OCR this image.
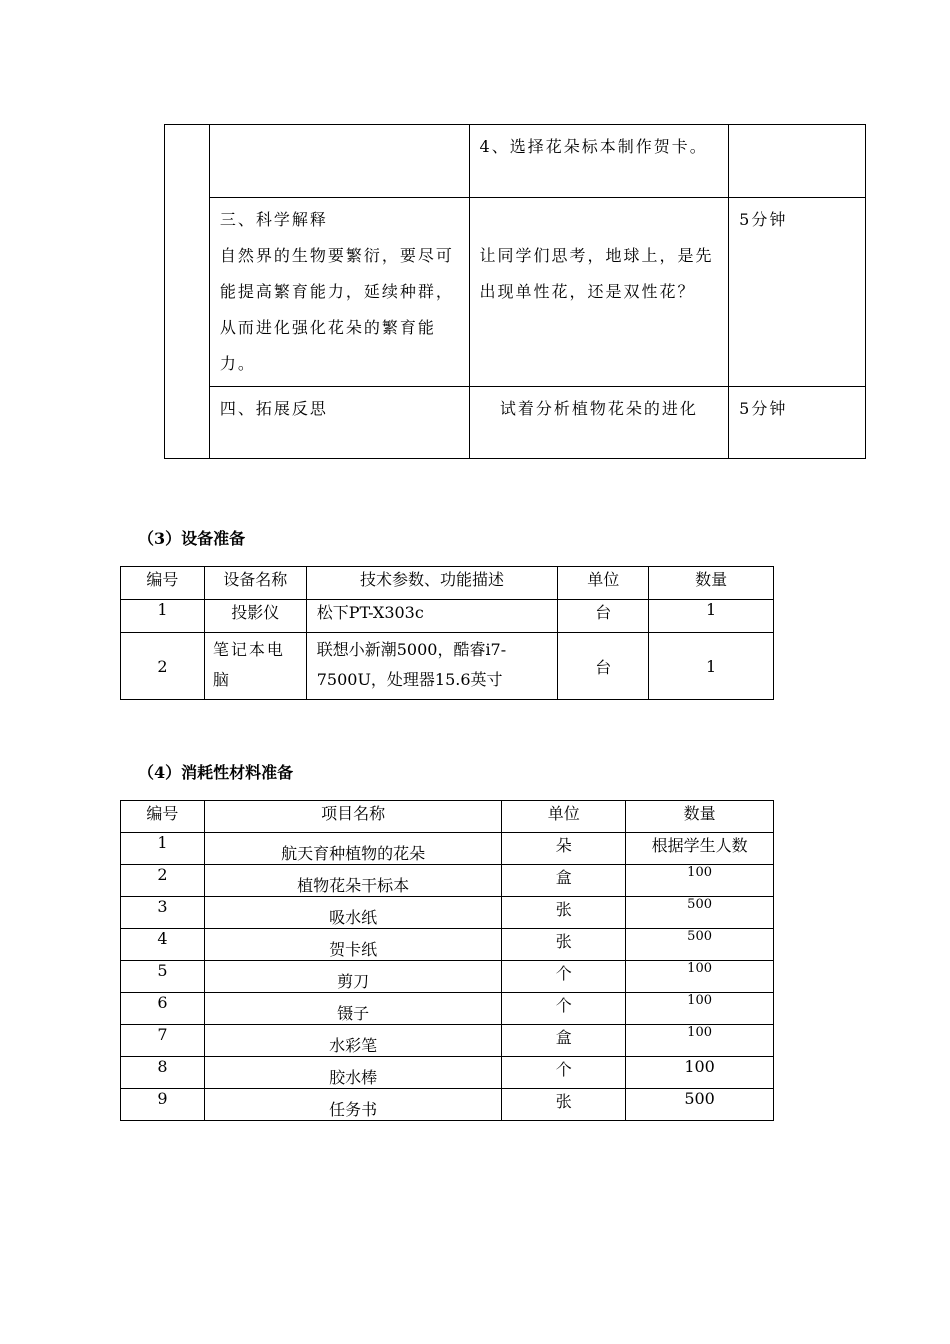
		4、选择花朵标本制作贺卡。	

	三、科学解释
自然界的生物要繁衍，要尽可能提高繁育能力，延续种群，从而进化强化花朵的繁育能力。	让同学们思考，地球上，是先出现单性花，还是双性花？	5分钟
	四、拓展反思	试着分析植物花朵的进化	5分钟
（3）设备准备
编号	设备名称	技术参数、功能描述	单位	数量
1	投影仪	松下PT-X303c	台	1
2	笔记本电脑	联想小新潮5000，酷睿i7-7500U，处理器15.6英寸	台	1
（4）消耗性材料准备
编号	项目名称	单位	数量
1	航天育种植物的花朵	朵	根据学生人数
2	植物花朵干标本	盒	100
3	吸水纸	张	500
4	贺卡纸	张	500
5	剪刀	个	100
6	镊子	个	100
7	水彩笔	盒	100
8	胶水棒	个	100
9	任务书	张	500
